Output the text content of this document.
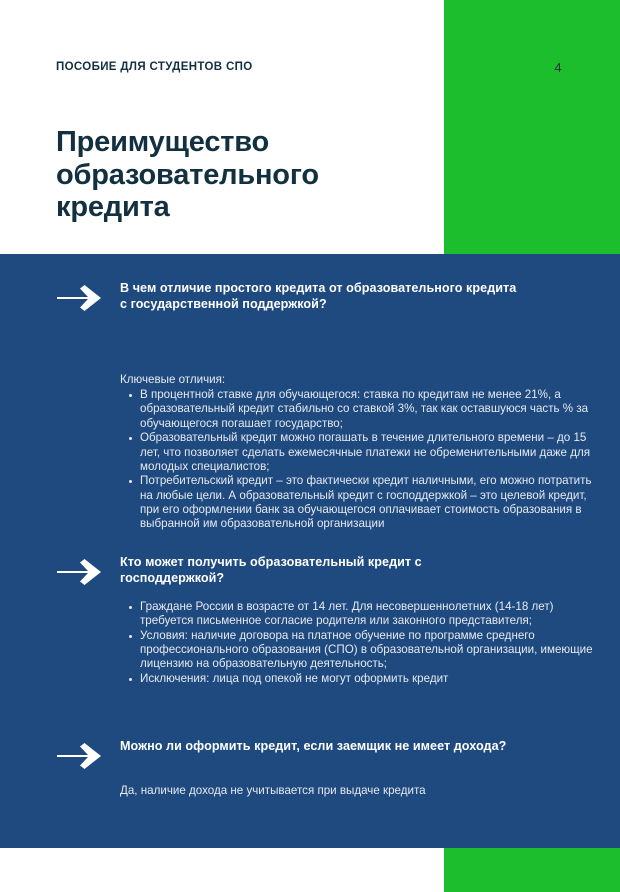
ПОСОБИЕ ДЛЯ СТУДЕНТОВ СПО	4
Преимущество образовательного кредита
В чем отличие простого кредита от образовательного кредита с государственной поддержкой?

Ключевые отличия:

В процентной ставке для обучающегося: ставка по кредитам не менее 21%, а образовательный кредит стабильно со ставкой 3%, так как оставшуюся часть % за обучающегося погашает государство;
Образовательный кредит можно погашать в течение длительного времени – до 15 лет, что позволяет сделать ежемесячные платежи не обременительными даже для молодых специалистов;
Потребительский кредит – это фактически кредит наличными, его можно потратить на любые цели. А образовательный кредит с господдержкой – это целевой кредит, при его оформлении банк за обучающегося оплачивает стоимость образования в выбранной им образовательной организации
Кто может получить образовательный кредит с господдержкой?
Граждане России в возрасте от 14 лет. Для несовершеннолетних (14-18 лет) требуется письменное согласие родителя или законного представителя;
Условия: наличие договора на платное обучение по программе среднего профессионального образования (СПО) в образовательной организации, имеющие лицензию на образовательную деятельность;
Исключения: лица под опекой не могут оформить кредит
Можно ли оформить кредит, если заемщик не имеет дохода?

Да, наличие дохода не учитывается при выдаче кредита
